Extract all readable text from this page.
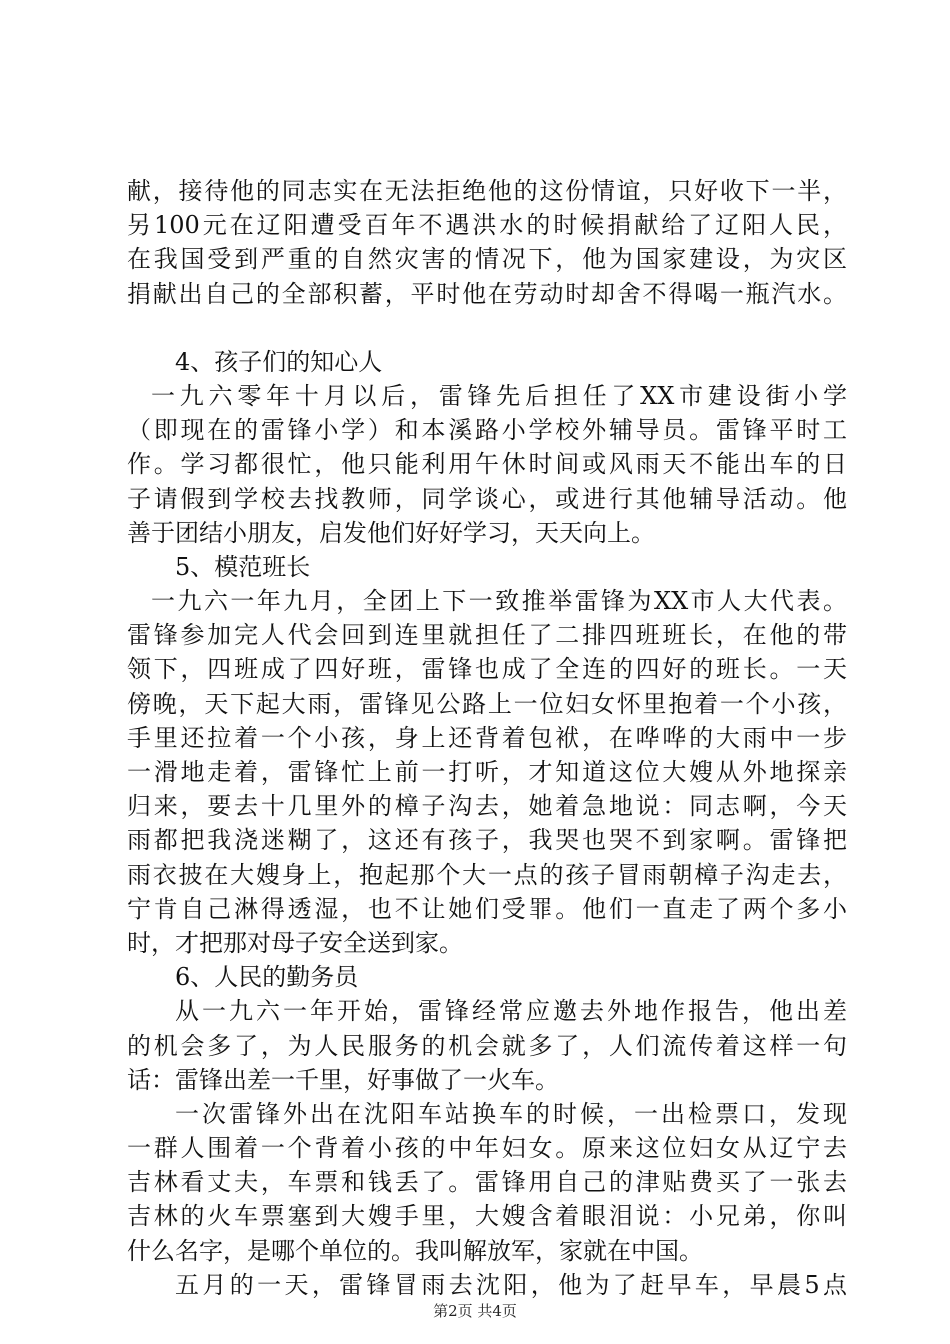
献，接待他的同志实在无法拒绝他的这份情谊，只好收下一半，
另100元在辽阳遭受百年不遇洪水的时候捐献给了辽阳人民，
在我国受到严重的自然灾害的情况下，他为国家建设，为灾区
捐献出自己的全部积蓄，平时他在劳动时却舍不得喝一瓶汽水。
4、孩子们的知心人
一九六零年十月以后，雷锋先后担任了XX市建设街小学
（即现在的雷锋小学）和本溪路小学校外辅导员。雷锋平时工
作。学习都很忙，他只能利用午休时间或风雨天不能出车的日
子请假到学校去找教师，同学谈心，或进行其他辅导活动。他
善于团结小朋友，启发他们好好学习，天天向上。
5、模范班长
一九六一年九月，全团上下一致推举雷锋为XX市人大代表。
雷锋参加完人代会回到连里就担任了二排四班班长，在他的带
领下，四班成了四好班，雷锋也成了全连的四好的班长。一天
傍晚，天下起大雨，雷锋见公路上一位妇女怀里抱着一个小孩，
手里还拉着一个小孩，身上还背着包袱，在哗哗的大雨中一步
一滑地走着，雷锋忙上前一打听，才知道这位大嫂从外地探亲
归来，要去十几里外的樟子沟去，她着急地说：同志啊，今天
雨都把我浇迷糊了，这还有孩子，我哭也哭不到家啊。雷锋把
雨衣披在大嫂身上，抱起那个大一点的孩子冒雨朝樟子沟走去，
宁肯自己淋得透湿，也不让她们受罪。他们一直走了两个多小
时，才把那对母子安全送到家。
6、人民的勤务员
从一九六一年开始，雷锋经常应邀去外地作报告，他出差
的机会多了，为人民服务的机会就多了，人们流传着这样一句
话：雷锋出差一千里，好事做了一火车。
一次雷锋外出在沈阳车站换车的时候，一出检票口，发现
一群人围着一个背着小孩的中年妇女。原来这位妇女从辽宁去
吉林看丈夫，车票和钱丢了。雷锋用自己的津贴费买了一张去
吉林的火车票塞到大嫂手里，大嫂含着眼泪说：小兄弟，你叫
什么名字，是哪个单位的。我叫解放军，家就在中国。
五月的一天，雷锋冒雨去沈阳，他为了赶早车，早晨5点
第2页 共4页
